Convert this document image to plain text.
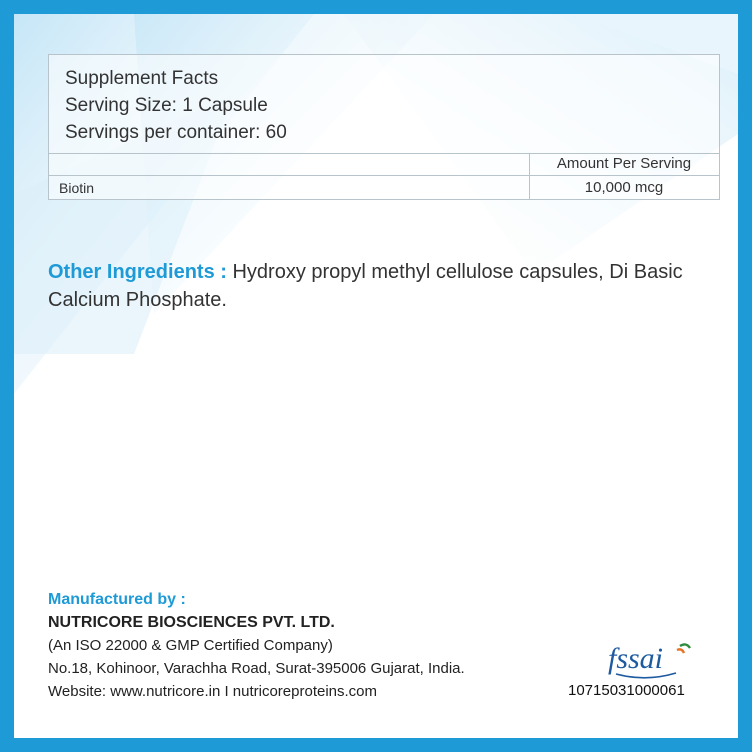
Supplement Facts
Serving Size: 1 Capsule
Servings per container: 60
Amount Per Serving
Biotin	10,000 mcg
Other Ingredients : Hydroxy propyl methyl cellulose capsules, Di Basic Calcium Phosphate.
Manufactured by :
NUTRICORE BIOSCIENCES PVT. LTD.
(An ISO 22000 & GMP Certified Company)
No.18, Kohinoor, Varachha Road, Surat-395006 Gujarat, India.
Website: www.nutricore.in I nutricoreproteins.com
fssai
10715031000061
